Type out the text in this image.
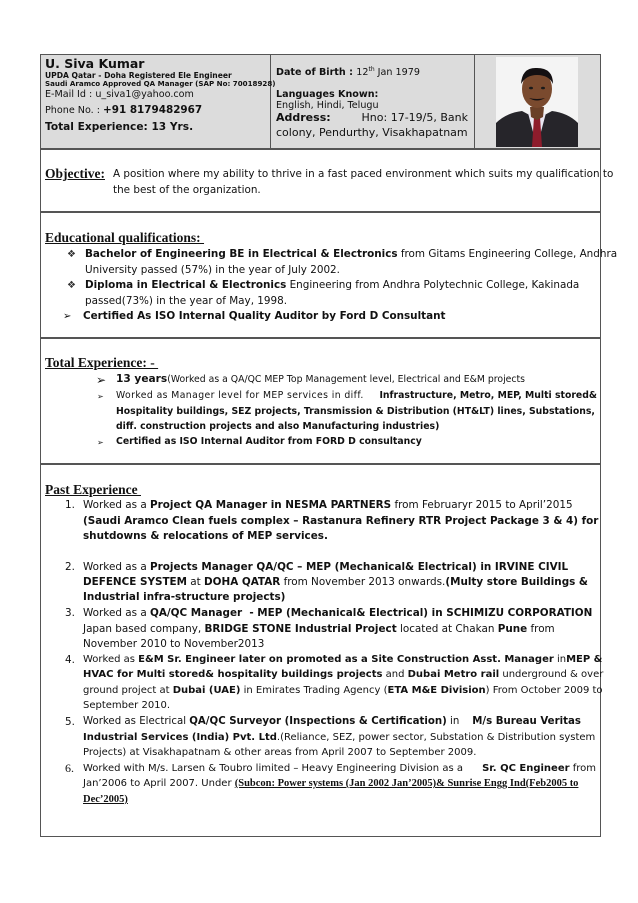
U. Siva Kumar
UPDA Qatar - Doha Registered Ele Engineer
Saudi Aramco Approved QA Manager (SAP No: 70018928)
E-Mail Id : u_siva1@yahoo.com
Phone No. : +91 8179482967
Total Experience: 13 Yrs.
Date of Birth : 12th Jan 1979
Languages Known:
English, Hindi, Telugu
Address:	Hno: 17-19/5, Bank
colony, Pendurthy, Visakhapatnam
Objective: A position where my ability to thrive in a fast paced environment which suits my qualification to
the best of the organization.
Educational qualifications:
❖ Bachelor of Engineering BE in Electrical & Electronics from Gitams Engineering College, Andhra
University passed (57%) in the year of July 2002.
❖ Diploma in Electrical & Electronics Engineering from Andhra Polytechnic College, Kakinada
passed(73%) in the year of May, 1998.
➢ Certified As ISO Internal Quality Auditor by Ford D Consultant
Total Experience: -
➢ 13 years(Worked as a QA/QC MEP Top Management level, Electrical and E&M projects
➢ Worked as Manager level for MEP services in diff. Infrastructure, Metro, MEP, Multi stored&
Hospitality buildings, SEZ projects, Transmission & Distribution (HT&LT) lines, Substations,
diff. construction projects and also Manufacturing industries)
➢ Certified as ISO Internal Auditor from FORD D consultancy
Past Experience
1. Worked as a Project QA Manager in NESMA PARTNERS from Februaryr 2015 to April’2015
(Saudi Aramco Clean fuels complex – Rastanura Refinery RTR Project Package 3 & 4) for
shutdowns & relocations of MEP services.
2. Worked as a Projects Manager QA/QC – MEP (Mechanical& Electrical) in IRVINE CIVIL
DEFENCE SYSTEM at DOHA QATAR from November 2013 onwards.(Multy store Buildings &
Industrial infra-structure projects)
3. Worked as a QA/QC Manager  - MEP (Mechanical& Electrical) in SCHIMIZU CORPORATION
Japan based company, BRIDGE STONE Industrial Project located at Chakan Pune from
November 2010 to November2013
4. Worked as E&M Sr. Engineer later on promoted as a Site Construction Asst. Manager in MEP &
HVAC for Multi stored& hospitality buildings projects and Dubai Metro rail underground & over
ground project at Dubai (UAE) in Emirates Trading Agency (ETA M&E Division) From October 2009 to
September 2010.
5. Worked as Electrical QA/QC Surveyor (Inspections & Certification) in    M/s Bureau Veritas
Industrial Services (India) Pvt. Ltd.(Reliance, SEZ, power sector, Substation & Distribution system
Projects) at Visakhapatnam & other areas from April 2007 to September 2009.
6. Worked with M/s. Larsen & Toubro limited – Heavy Engineering Division as a Sr. QC Engineer from
Jan’2006 to April 2007. Under (Subcon: Power systems (Jan 2002 Jan’2005)& Sunrise Engg Ind(Feb2005 to
Dec’2005)
